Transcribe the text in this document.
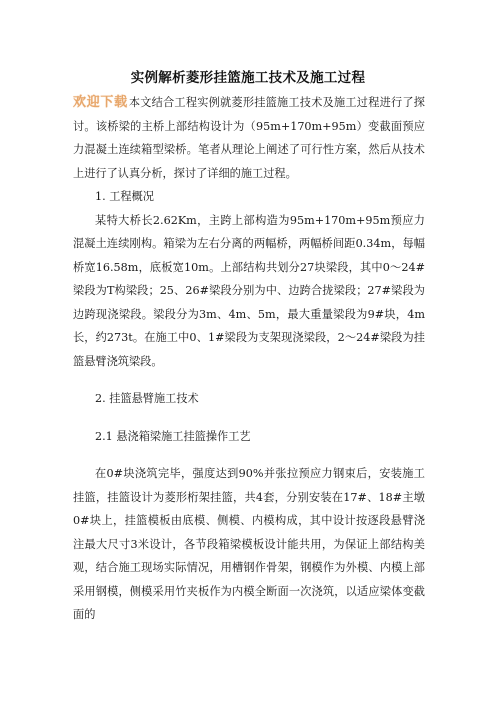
实例解析菱形挂篮施工技术及施工过程

欢迎下载本文结合工程实例就菱形挂篮施工技术及施工过程进行了探讨。该桥梁的主桥上部结构设计为（95m+170m+95m）变截面预应力混凝土连续箱型梁桥。笔者从理论上阐述了可行性方案，然后从技术上进行了认真分析，探讨了详细的施工过程。

1. 工程概况

某特大桥长2.62Km，主跨上部构造为95m+170m+95m预应力混凝土连续刚构。箱梁为左右分离的两幅桥，两幅桥间距0.34m，每幅桥宽16.58m，底板宽10m。上部结构共划分27块梁段，其中0～24#梁段为T构梁段；25、26#梁段分别为中、边跨合拢梁段；27#梁段为边跨现浇梁段。梁段分为3m、4m、5m，最大重量梁段为9#块，4m长，约273t。在施工中0、1#梁段为支架现浇梁段，2～24#梁段为挂篮悬臂浇筑梁段。

2. 挂篮悬臂施工技术

2.1 悬浇箱梁施工挂篮操作工艺

在0#块浇筑完毕，强度达到90%并张拉预应力钢束后，安装施工挂篮，挂篮设计为菱形桁架挂篮，共4套，分别安装在17#、18#主墩0#块上，挂篮模板由底模、侧模、内模构成，其中设计按逐段悬臂浇注最大尺寸3米设计，各节段箱梁模板设计能共用，为保证上部结构美观，结合施工现场实际情况，用槽钢作骨架，钢模作为外模、内模上部采用钢模，侧模采用竹夹板作为内模全断面一次浇筑，以适应梁体变截面的
